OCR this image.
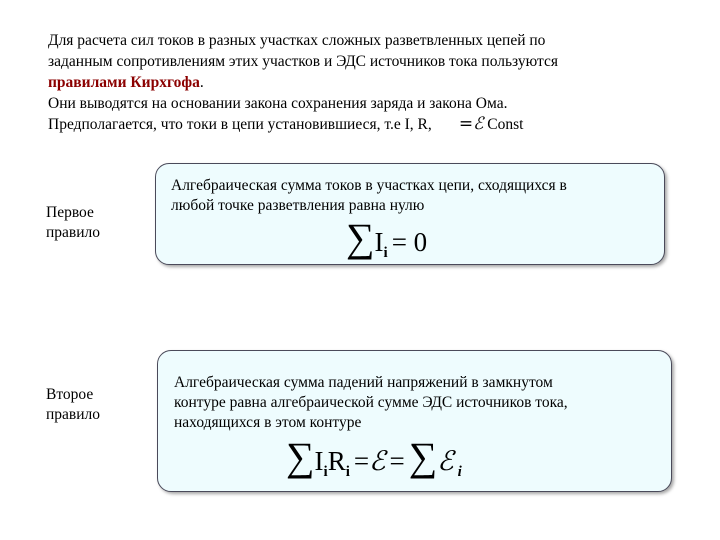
Для расчета сил токов в разных участках сложных разветвленных цепей по

заданным сопротивлениям этих участков и ЭДС источников тока пользуются

правилами Кирхгофа.

Они выводятся на основании закона сохранения заряда и закона Ома.

Предполагается, что токи в цепи установившиеся, т.е I, R, =ℰ Const

Первое
правило
Алгебраическая сумма токов в участках цепи, сходящихся в
любой точке разветвления равна нулю
∑Ii = 0
Второе
правило
Алгебраическая сумма падений напряжений в замкнутом
контуре равна алгебраической сумме ЭДС источников тока,
находящихся в этом контуре
∑IiRi =ℰ = ∑ℰ i
